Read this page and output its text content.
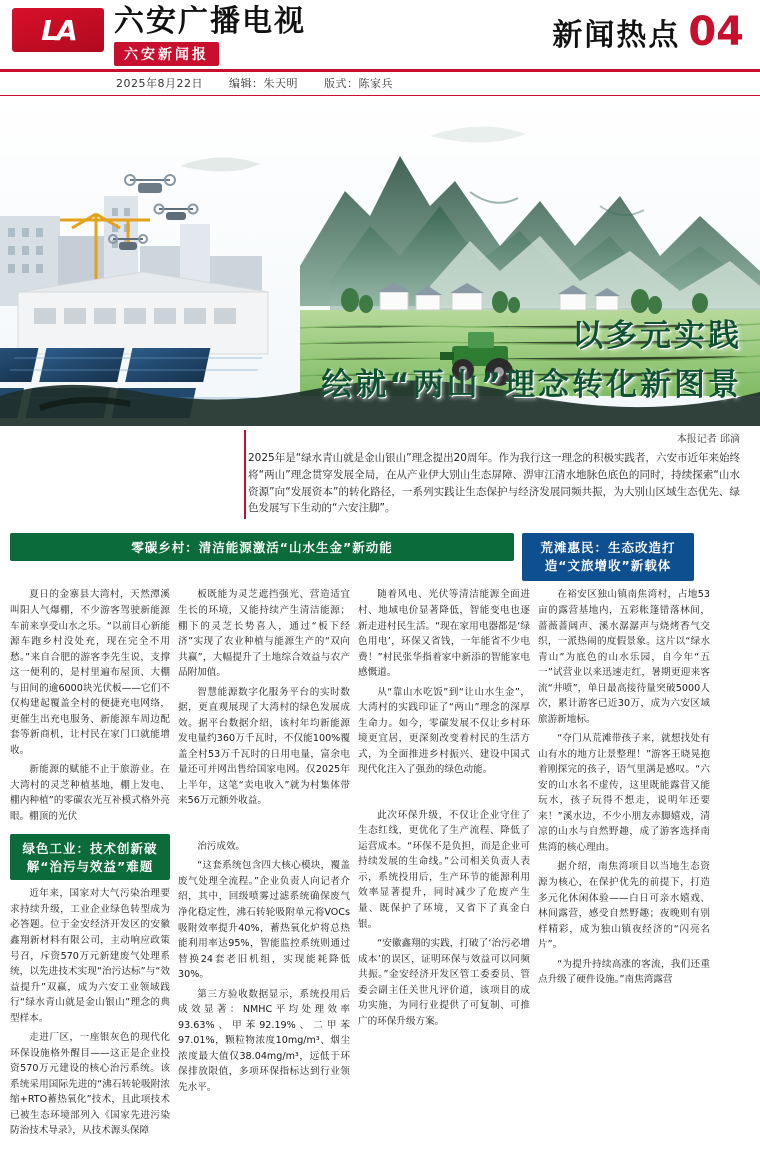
LA 六安广播电视
六安新闻报
新闻热点 04
2025年8月22日 编辑：朱天明 版式：陈家兵
以多元实践
绘就“两山”理念转化新图景
本报记者 邱滴
2025年是“绿水青山就是金山银山”理念提出20周年。作为我行这一理念的积极实践者，六安市近年来始终将“两山”理念贯穿发展全局，在从产业伊大别山生态屏障、淠审江清水地脉色底色的同时，持续探索“山水资源”向“发展资本”的转化路径，一系列实践让生态保护与经济发展同频共振，为大别山区域生态优先、绿色发展写下生动的“六安注脚”。
零碳乡村：清洁能源激活“山水生金”新动能	荒滩惠民：生态改造打造“文旅增收”新载体

夏日的金寨县大湾村，天然潭溪叫阳人气爆棚，不少游客驾驶新能源车前来享受山水之乐。“以前目心新能源车跑乡村没处充，现在完全不用愁。”来自合肥的游客李先生说，支撑这一便利的，是村里遍布屋顶、大棚与田间的逾6000块光伏板——它们不仅构建起覆盖全村的便捷充电网络，更催生出充电服务、新能源车周边配套等新商机，让村民在家门口就能增收。

新能源的赋能不止于旅游业。在大湾村的灵芝种植基地，棚上发电、棚内种植”的零碳农光互补模式格外亮眼。棚顶的光伏

绿色工业：技术创新破解“治污与效益”难题

近年来，国家对大气污染治理要求持续升级，工业企业绿色转型成为必答题。位于金安经济开发区的安徽鑫翔新材料有限公司，主动响应政策号召，斥资570万元新建废气处理系统，以先进技术实现“治污达标”与“效益提升”双赢，成为六安工业领域践行“绿水青山就是金山银山”理念的典型样本。

走进厂区，一座银灰色的现代化环保设施格外醒目——这正是企业投资570万元建设的核心治污系统。该系统采用国际先进的“沸石转轮吸附浓缩+RTO蓄热氧化”技术，且此项技术已被生态环境部列入《国家先进污染防治技术导录》，从技术源头保障

板既能为灵芝遮挡强光、营造适宜生长的环境，又能持续产生清洁能源；棚下的灵芝长势喜人，通过“板下经济”实现了农业种植与能源生产的“双向共赢”，大幅提升了土地综合效益与农产品附加值。

智慧能源数字化服务平台的实时数据，更直观展现了大湾村的绿色发展成效。据平台数据介绍，该村年均新能源发电量约360万千瓦时，不仅能100%覆盖全村53万千瓦时的日用电量，富余电量还可并网出售给国家电网。仅2025年上半年，这笔“卖电收入”就为村集体带来56万元额外收益。

治污成效。

“这套系统包含四大核心模块，覆盖废气处理全流程。”企业负责人向记者介绍，其中，回级喷雾过滤系统确保废气净化稳定性，沸石转轮吸附单元将VOCs吸附效率提升40%，蓄热氧化炉将总热能利用率达95%，智能监控系统则通过替换24套老旧机组，实现能耗降低30%。

第三方验收数据显示，系统投用后成效显著：NMHC平均处理效率93.63%、甲苯92.19%、二甲苯97.01%，颗粒物浓度10mg/m³、烟尘浓度最大值仅38.04mg/m³，远低于环保排放限值，多项环保指标达到行业领先水平。

随着风电、光伏等清洁能源全面进村、地域电价显著降低，智能变电也逐新走进村民生活。“现在家用电器都是‘绿色用电’，环保又省钱，一年能省不少电费！”村民张华指着家中新添的智能家电感慨道。

从“靠山水吃饭”到“让山水生金”，大湾村的实践印证了“两山”理念的深厚生命力。如今，零碳发展不仅让乡村环境更宜居，更深刻改变着村民的生活方式，为全面推进乡村振兴、建设中国式现代化注入了强劲的绿色动能。

此次环保升级，不仅让企业守住了生态红线，更优化了生产流程、降低了运营成本。“环保不是负担，而是企业可持续发展的生命线。”公司相关负责人表示，系统投用后，生产环节的能源利用效率显著提升，同时减少了危废产生量、既保护了环境，又省下了真金白银。

“安徽鑫翔的实践，打破了‘治污必增成本’的误区，证明环保与效益可以同频共振。”金安经济开发区管工委委员、管委会副主任关世凡评价道，该项目的成功实施，为同行业提供了可复制、可推广的环保升级方案。

在裕安区独山镇南焦湾村，占地53亩的露营基地内，五彩帐篷错落林间，蔷薇蔷阔声、溪水潺潺声与烧烤香气交织，一派热闹的度假景象。这片以“绿水青山”为底色的山水乐园，自今年“五一”试营业以来迅速走红，暑期更迎来客流“井喷”，单日最高接待量突破5000人次，累计游客已近30万，成为六安区域旅游新地标。

“夺门从荒滩带孩子来，就想找处有山有水的地方让景整理！”游客王晓晃抱着刚探完的孩子，语气里满是感叹。“六安的山水名不虚传，这里既能露营又能玩水，孩子玩得不想走，说明年还要来！”溪水边，不少小朋友赤脚嬉戏，清凉的山水与自然野趣，成了游客选择南焦湾的核心理由。

据介绍，南焦湾项目以当地生态资源为核心，在保护优先的前提下，打造多元化休闲体验——白日可亲水嬉戏、林间露营，感受自然野趣；夜晚则有别样精彩，成为独山镇夜经济的“闪亮名片”。

“为提升持续高涨的客流，我们还重点升级了硬件设施。”南焦湾露营
